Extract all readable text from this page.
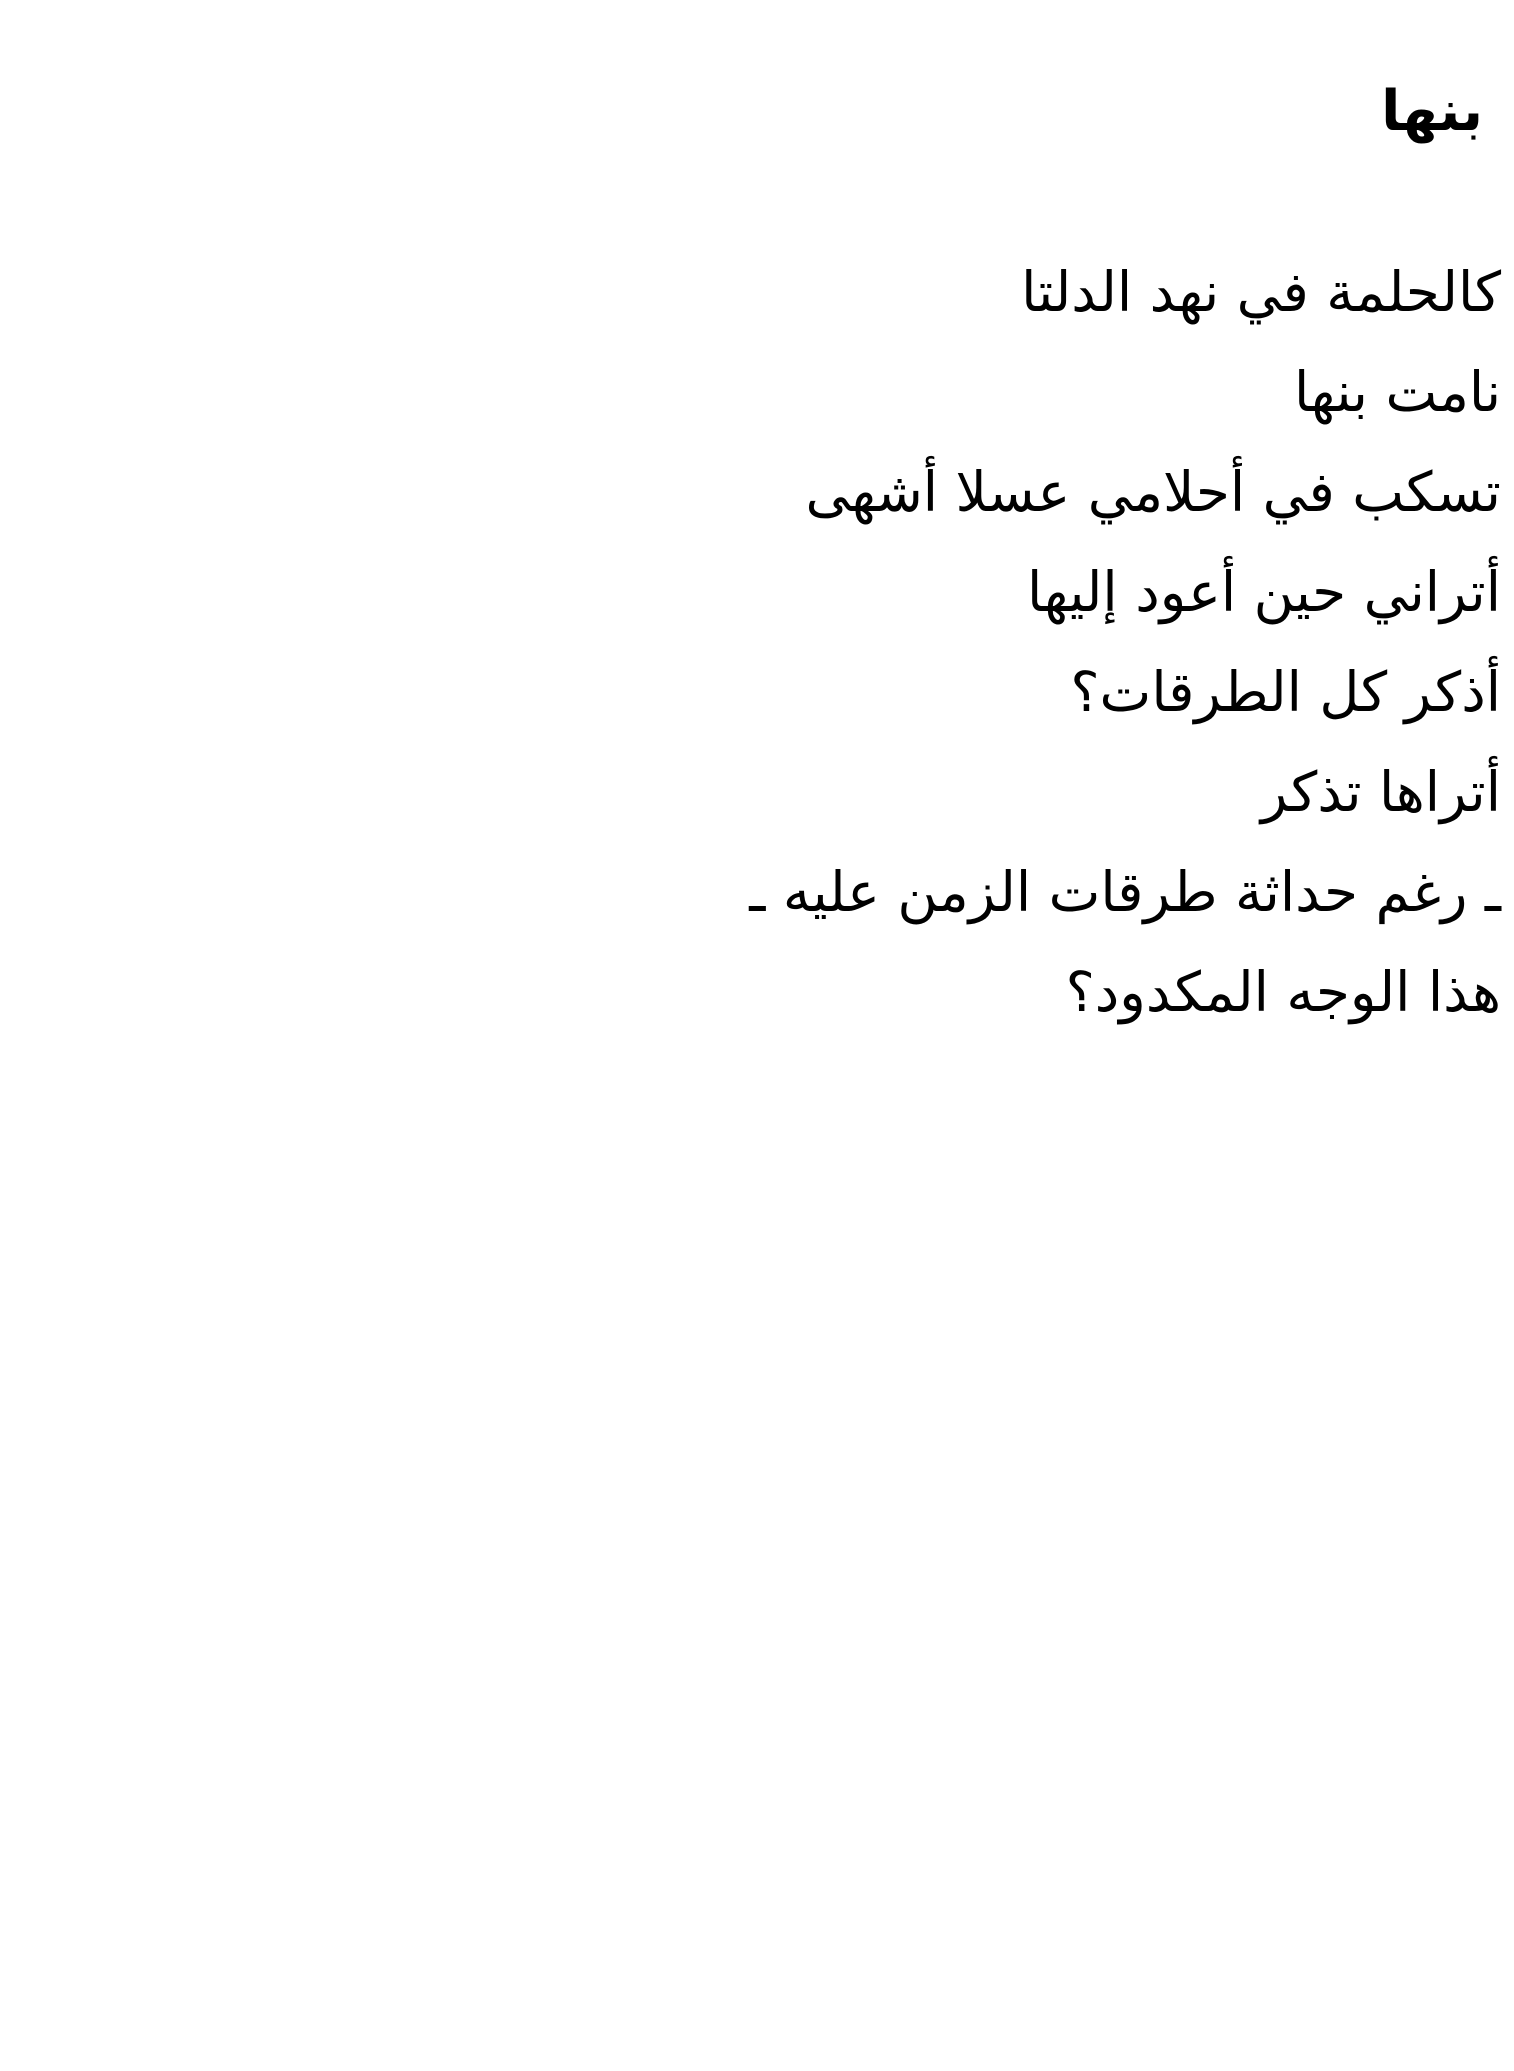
بنها
كالحلمة في نهد الدلتا
نامت بنها
تسكب في أحلامي عسلا أشهى
أتراني حين أعود إليها
أذكر كل الطرقات؟
أتراها تذكر
ـ رغم حداثة طرقات الزمن عليه ـ
هذا الوجه المكدود؟
